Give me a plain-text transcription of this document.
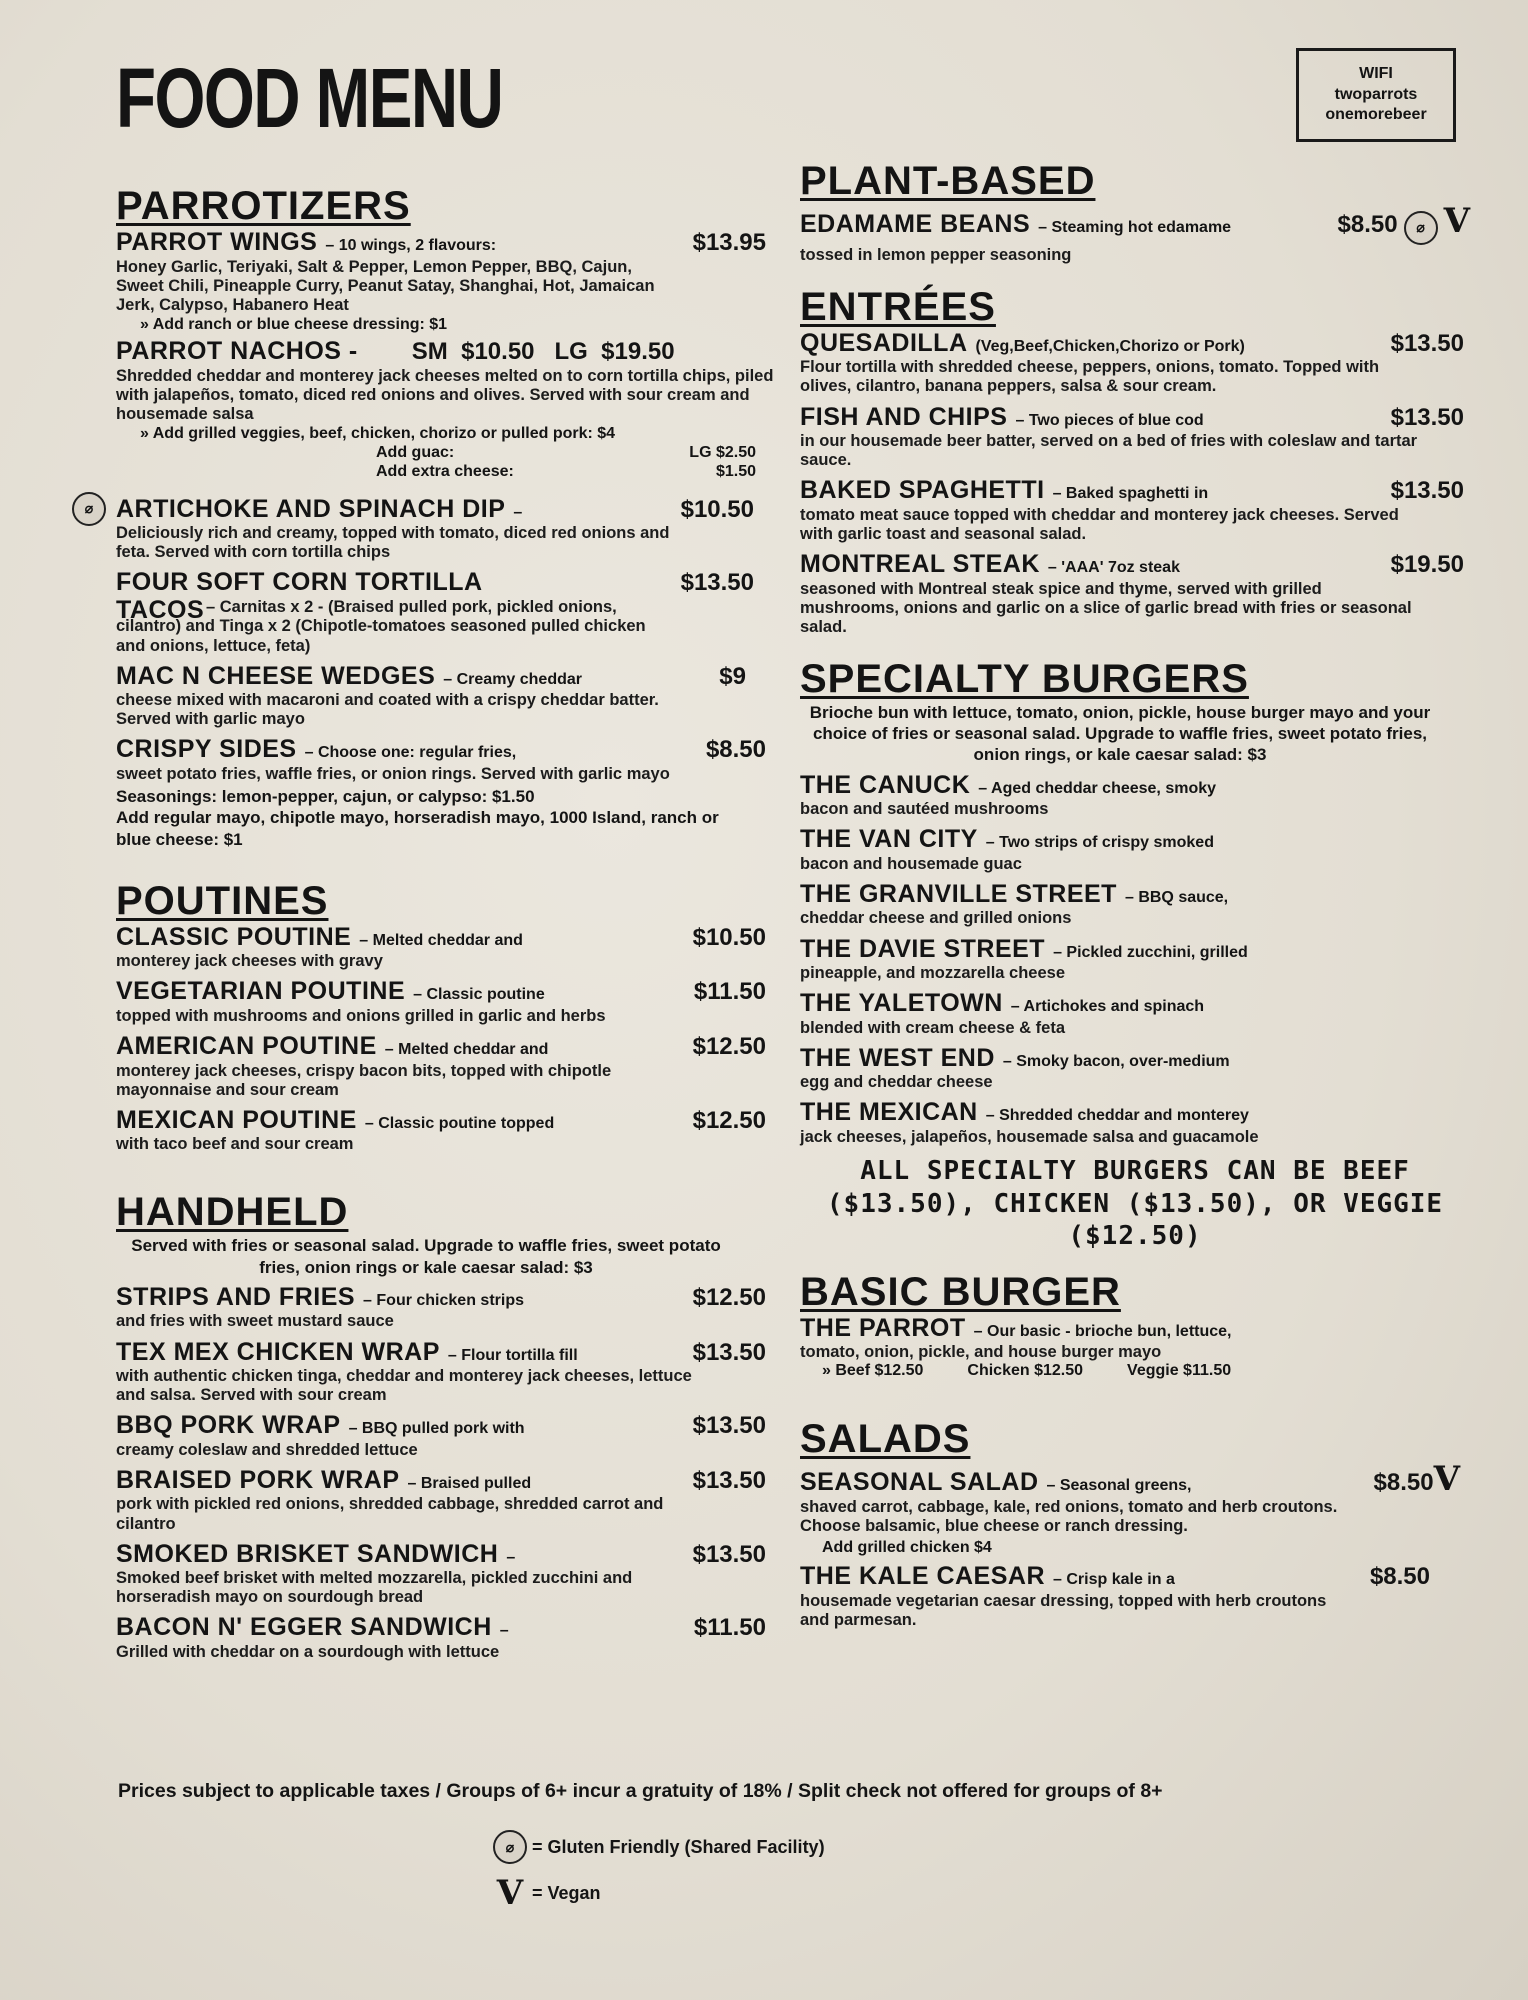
FOOD MENU	WIFI
twoparrots
onemorebeer
PARROTIZERS
PARROT WINGS – 10 wings, 2 flavours:	$13.95
Honey Garlic, Teriyaki, Salt & Pepper, Lemon Pepper, BBQ, Cajun, Sweet Chili, Pineapple Curry, Peanut Satay, Shanghai, Hot, Jamaican Jerk, Calypso, Habanero Heat
» Add ranch or blue cheese dressing: $1
PARROT NACHOS - SM  $10.50   LG  $19.50
Shredded cheddar and monterey jack cheeses melted on to corn tortilla chips, piled with jalapeños, tomato, diced red onions and olives. Served with sour cream and housemade salsa
» Add grilled veggies, beef, chicken, chorizo or pulled pork: $4
Add guac:	LG $2.50
Add extra cheese:	$1.50
⌀ ARTICHOKE AND SPINACH DIP –	$10.50
Deliciously rich and creamy, topped with tomato, diced red onions and feta. Served with corn tortilla chips
FOUR SOFT CORN TORTILLA	$13.50
TACOS – Carnitas x 2 - (Braised pulled pork, pickled onions, cilantro) and Tinga x 2 (Chipotle-tomatoes seasoned pulled chicken and onions, lettuce, feta)
MAC N CHEESE WEDGES – Creamy cheddar	$9
cheese mixed with macaroni and coated with a crispy cheddar batter. Served with garlic mayo
CRISPY SIDES – Choose one: regular fries,	$8.50
sweet potato fries, waffle fries, or onion rings. Served with garlic mayo
Seasonings: lemon-pepper, cajun, or calypso: $1.50
Add regular mayo, chipotle mayo, horseradish mayo, 1000 Island, ranch or blue cheese: $1
POUTINES
CLASSIC POUTINE – Melted cheddar and	$10.50
monterey jack cheeses with gravy
VEGETARIAN POUTINE – Classic poutine	$11.50
topped with mushrooms and onions grilled in garlic and herbs
AMERICAN POUTINE – Melted cheddar and	$12.50
monterey jack cheeses, crispy bacon bits, topped with chipotle mayonnaise and sour cream
MEXICAN POUTINE – Classic poutine topped	$12.50
with taco beef and sour cream
HANDHELD
Served with fries or seasonal salad. Upgrade to waffle fries, sweet potato fries, onion rings or kale caesar salad: $3
STRIPS AND FRIES – Four chicken strips	$12.50
and fries with sweet mustard sauce
TEX MEX CHICKEN WRAP – Flour tortilla fill	$13.50
with authentic chicken tinga, cheddar and monterey jack cheeses, lettuce and salsa. Served with sour cream
BBQ PORK WRAP – BBQ pulled pork with	$13.50
creamy coleslaw and shredded lettuce
BRAISED PORK WRAP – Braised pulled	$13.50
pork with pickled red onions, shredded cabbage, shredded carrot and cilantro
SMOKED BRISKET SANDWICH –	$13.50
Smoked beef brisket with melted mozzarella, pickled zucchini and horseradish mayo on sourdough bread
BACON N' EGGER SANDWICH –	$11.50
Grilled with cheddar on a sourdough with lettuce
PLANT-BASED
EDAMAME BEANS – Steaming hot edamame	$8.50	⌀ V
tossed in lemon pepper seasoning
ENTRÉES
QUESADILLA (Veg,Beef,Chicken,Chorizo or Pork)	$13.50
Flour tortilla with shredded cheese, peppers, onions, tomato. Topped with olives, cilantro, banana peppers, salsa & sour cream.
FISH AND CHIPS – Two pieces of blue cod	$13.50
in our housemade beer batter, served on a bed of fries with coleslaw and tartar sauce.
BAKED SPAGHETTI – Baked spaghetti in	$13.50
tomato meat sauce topped with cheddar and monterey jack cheeses. Served with garlic toast and seasonal salad.
MONTREAL STEAK – 'AAA' 7oz steak	$19.50
seasoned with Montreal steak spice and thyme, served with grilled mushrooms, onions and garlic on a slice of garlic bread with fries or seasonal salad.
SPECIALTY BURGERS
Brioche bun with lettuce, tomato, onion, pickle, house burger mayo and your choice of fries or seasonal salad. Upgrade to waffle fries, sweet potato fries, onion rings, or kale caesar salad: $3
THE CANUCK – Aged cheddar cheese, smoky
bacon and sautéed mushrooms
THE VAN CITY – Two strips of crispy smoked
bacon and housemade guac
THE GRANVILLE STREET – BBQ sauce,
cheddar cheese and grilled onions
THE DAVIE STREET – Pickled zucchini, grilled
pineapple, and mozzarella cheese
THE YALETOWN – Artichokes and spinach
blended with cream cheese & feta
THE WEST END – Smoky bacon, over-medium
egg and cheddar cheese
THE MEXICAN – Shredded cheddar and monterey
jack cheeses, jalapeños, housemade salsa and guacamole
ALL SPECIALTY BURGERS CAN BE BEEF ($13.50), CHICKEN ($13.50), OR VEGGIE ($12.50)
BASIC BURGER
THE PARROT – Our basic - brioche bun, lettuce,
tomato, onion, pickle, and house burger mayo
» Beef $12.50	Chicken $12.50	Veggie $11.50
SALADS
SEASONAL SALAD – Seasonal greens,	$8.50 V
shaved carrot, cabbage, kale, red onions, tomato and herb croutons. Choose balsamic, blue cheese or ranch dressing.
Add grilled chicken $4
THE KALE CAESAR – Crisp kale in a	$8.50
housemade vegetarian caesar dressing, topped with herb croutons and parmesan.
Prices subject to applicable taxes / Groups of 6+ incur a gratuity of 18% / Split check not offered for groups of 8+
⌀ = Gluten Friendly (Shared Facility)
V = Vegan
